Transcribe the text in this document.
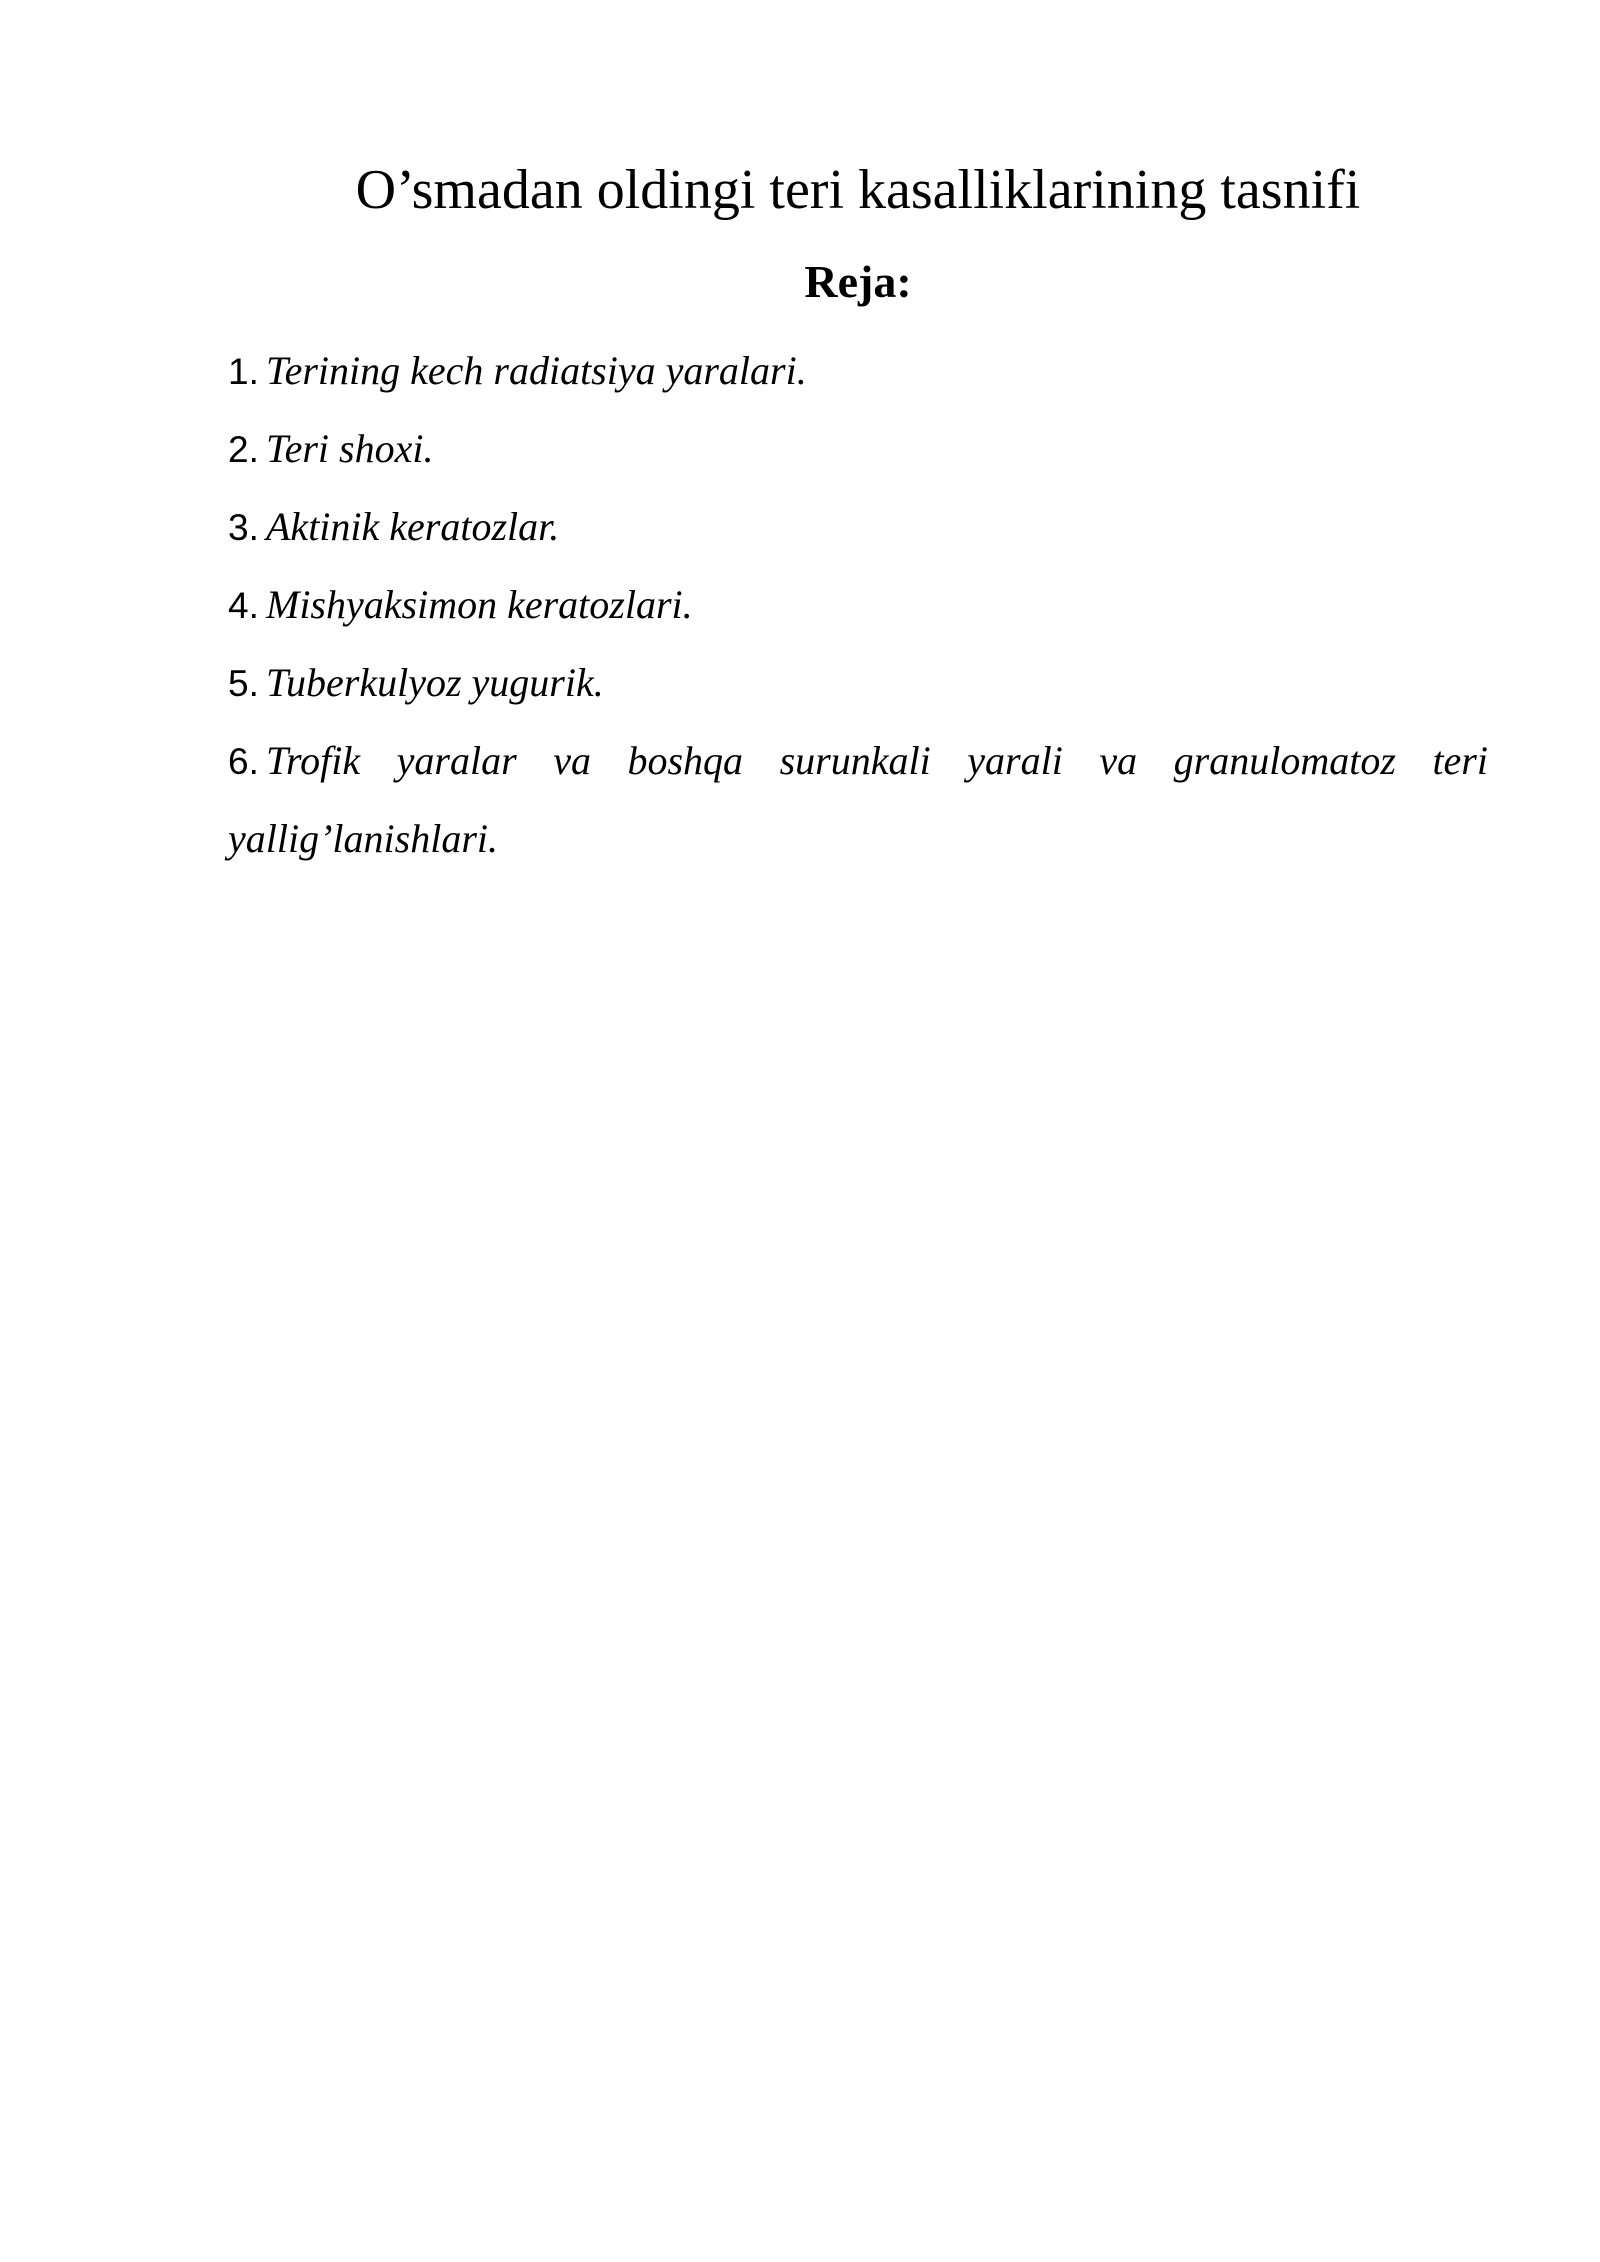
O’smadan oldingi teri kasalliklarining tasnifi
Reja:
1. Terining kech radiatsiya yaralari.
2. Teri shoxi.
3. Aktinik keratozlar.
4. Mishyaksimon keratozlari.
5. Tuberkulyoz yugurik.
6. Trofik yaralar va boshqa surunkali yarali va granulomatoz teri yallig’lanishlari.
